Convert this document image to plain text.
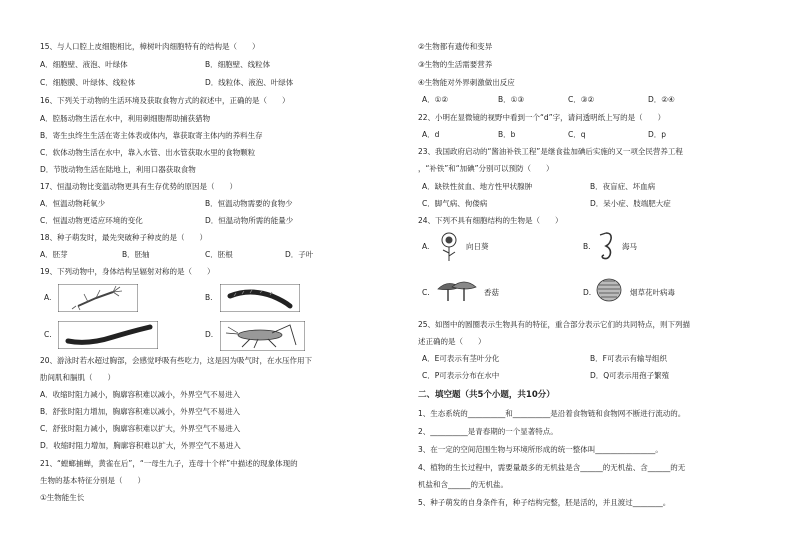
15、与人口腔上皮细胞相比，樟树叶肉细胞特有的结构是（　　）
A．细胞壁、液泡、叶绿体	B．细胞壁、线粒体
C．细胞膜、叶绿体、线粒体	D．线粒体、液泡、叶绿体
16、下列关于动物的生活环境及获取食物方式的叙述中，正确的是（　　）
A．腔肠动物生活在水中，利用刺细胞帮助捕获猎物
B．寄生虫终生生活在寄主体表或体内，靠获取寄主体内的养料生存
C．软体动物生活在水中，靠入水管、出水管获取水里的食物颗粒
D．节肢动物生活在陆地上，利用口器获取食物
17、恒温动物比变温动物更具有生存优势的原因是（　　）
A．恒温动物耗氧少	B．恒温动物需要的食物少
C．恒温动物更适应环境的变化	D．恒温动物所需的能量少
18、种子萌发时，最先突破种子种皮的是（　　）
A．胚芽	B．胚轴	C．胚根	D．子叶
19、下列动物中，身体结构呈辐射对称的是（　　）
A.	B.
C.	D.
20、游泳时若水超过胸部，会感觉呼吸有些吃力，这是因为吸气时，在水压作用下
肋间肌和膈肌（　　）
A．收缩时阻力减小，胸廓容积难以减小，外界空气不易进入
B．舒张时阻力增加，胸廓容积难以减小，外界空气不易进入
C．舒张时阻力减小，胸廓容积难以扩大，外界空气不易进入
D．收缩时阻力增加，胸廓容积难以扩大，外界空气不易进入
21、“螳螂捕蝉，黄雀在后”，“一母生九子，连母十个样”中描述的现象体现的
生物的基本特征分别是（　　）
①生物能生长
②生物都有遗传和变异
③生物的生活需要营养
④生物能对外界刺激做出反应
A．①②	B．①③	C．③②	D．②④
22、小明在显微镜的视野中看到一个“d”字，请问透明纸上写的是（　　）
A．d	B．b	C．q	D．p
23、我国政府启动的“酱油补铁工程”是继食盐加碘后实施的又一项全民营养工程
，“补铁”和“加碘”分别可以预防（　　）
A．缺铁性贫血、地方性甲状腺肿	B．夜盲症、坏血病
C．脚气病、佝偻病	D．呆小症、肢端肥大症
24、下列不具有细胞结构的生物是（　　）
A.	向日葵	B.	海马
C.	香菇	D.	烟草花叶病毒
25、如图中的圆圈表示生物具有的特征，重合部分表示它们的共同特点，则下列描
述正确的是（　　）
A．E可表示有茎叶分化	B．F可表示有输导组织
C．P可表示分布在水中	D．Q可表示用孢子繁殖
二、填空题（共5个小题，共10分）
1、生态系统的__________和__________是沿着食物链和食物网不断进行流动的。
2、__________是青春期的一个显著特点。
3、在一定的空间范围生物与环境所形成的统一整体叫________________。
4、植物的生长过程中，需要量最多的无机盐是含______的无机盐、含______的无
机盐和含______的无机盐。
5、种子萌发的自身条件有，种子结构完整，胚是活的，并且渡过________。
